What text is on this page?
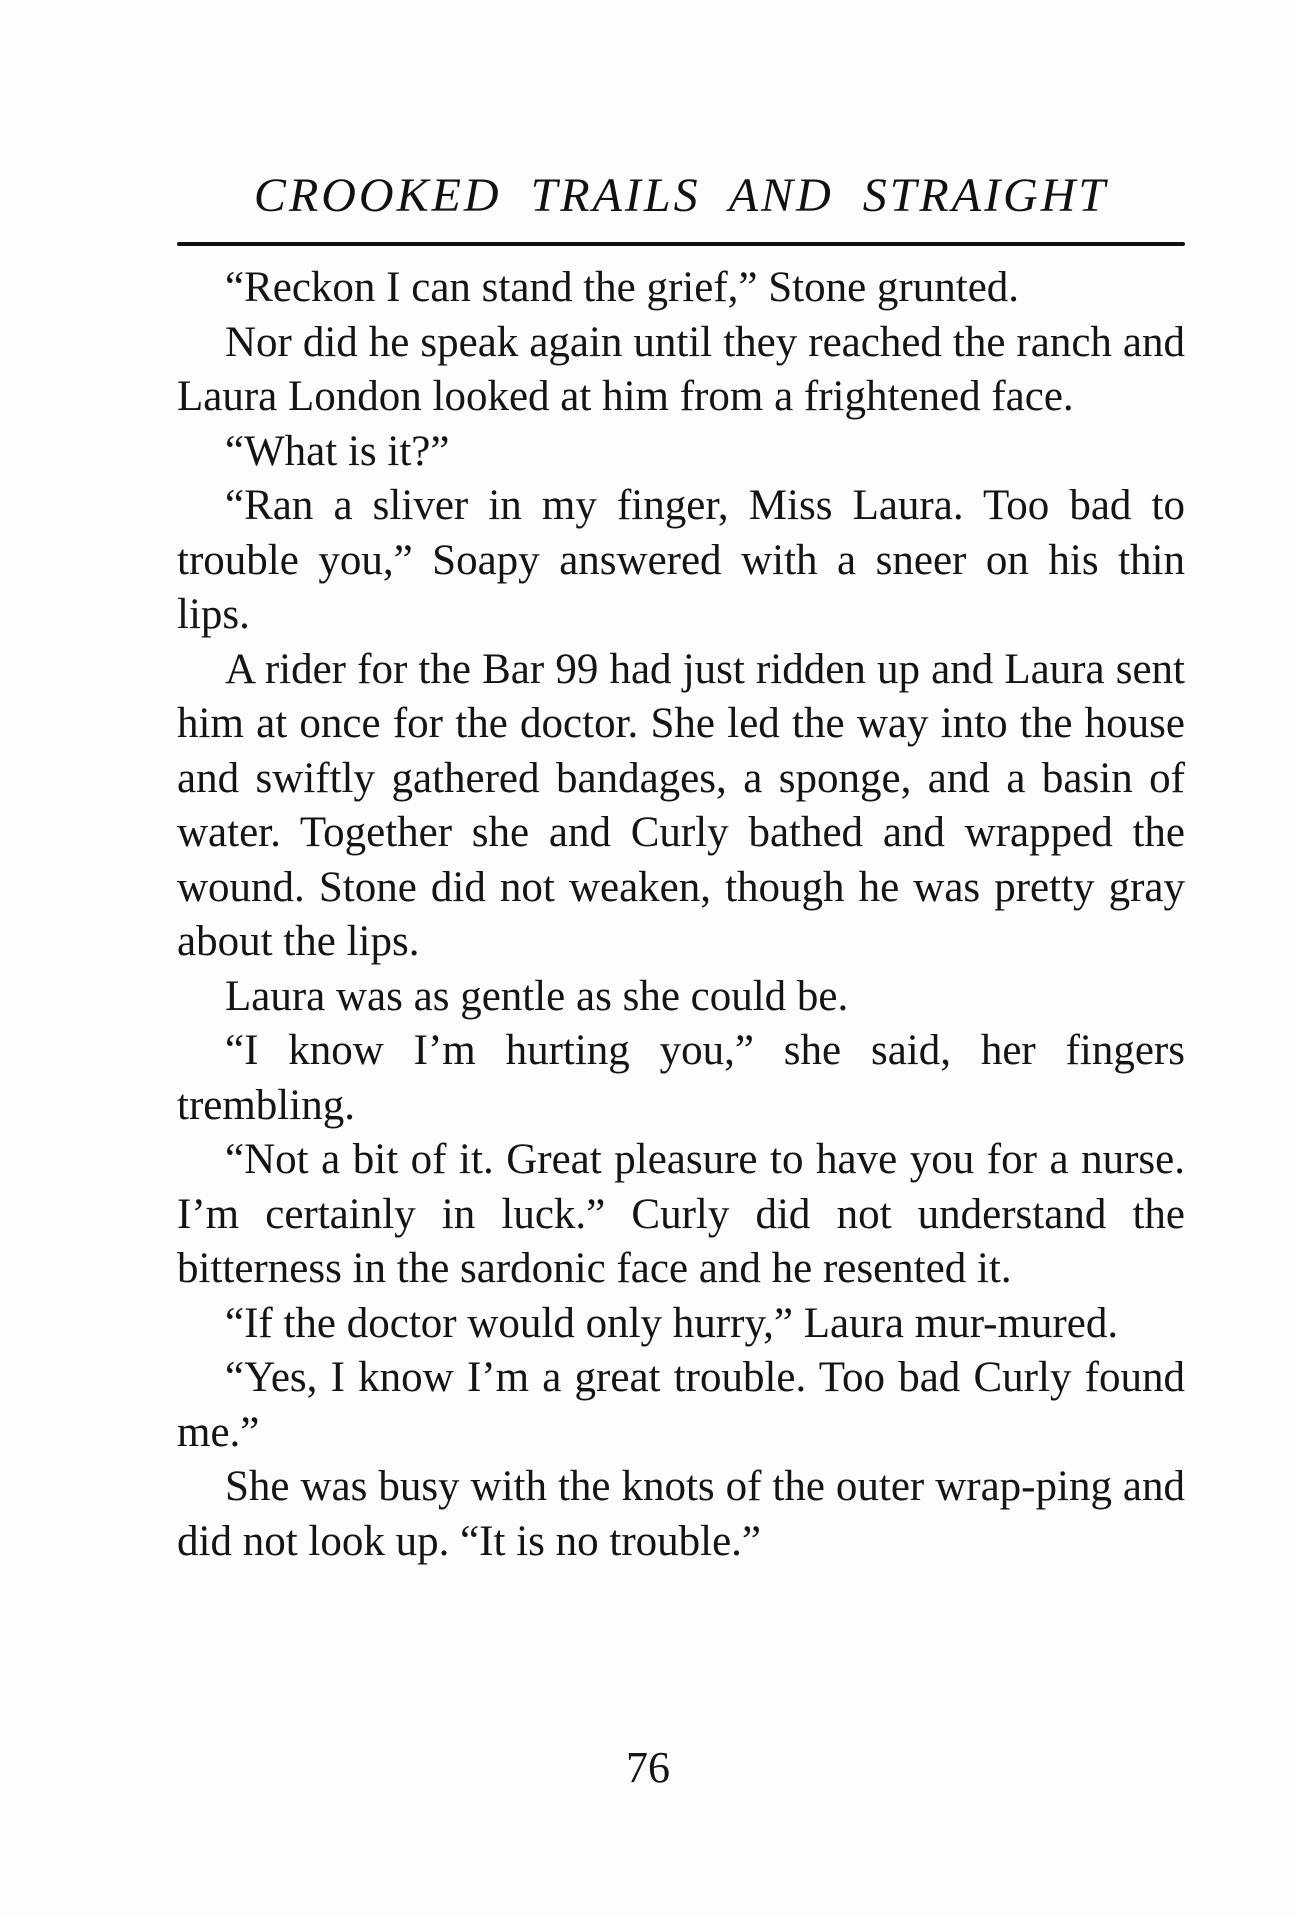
CROOKED TRAILS AND STRAIGHT

“Reckon I can stand the grief,” Stone grunted.

Nor did he speak again until they reached the ranch and Laura London looked at him from a frightened face.

“What is it?”

“Ran a sliver in my finger, Miss Laura. Too bad to trouble you,” Soapy answered with a sneer on his thin lips.

A rider for the Bar 99 had just ridden up and Laura sent him at once for the doctor. She led the way into the house and swiftly gathered bandages, a sponge, and a basin of water. Together she and Curly bathed and wrapped the wound. Stone did not weaken, though he was pretty gray about the lips.

Laura was as gentle as she could be.

“I know I’m hurting you,” she said, her fingers trembling.

“Not a bit of it. Great pleasure to have you for a nurse. I’m certainly in luck.” Curly did not understand the bitterness in the sardonic face and he resented it.

“If the doctor would only hurry,” Laura mur-mured.

“Yes, I know I’m a great trouble. Too bad Curly found me.”

She was busy with the knots of the outer wrap-ping and did not look up. “It is no trouble.”

76
